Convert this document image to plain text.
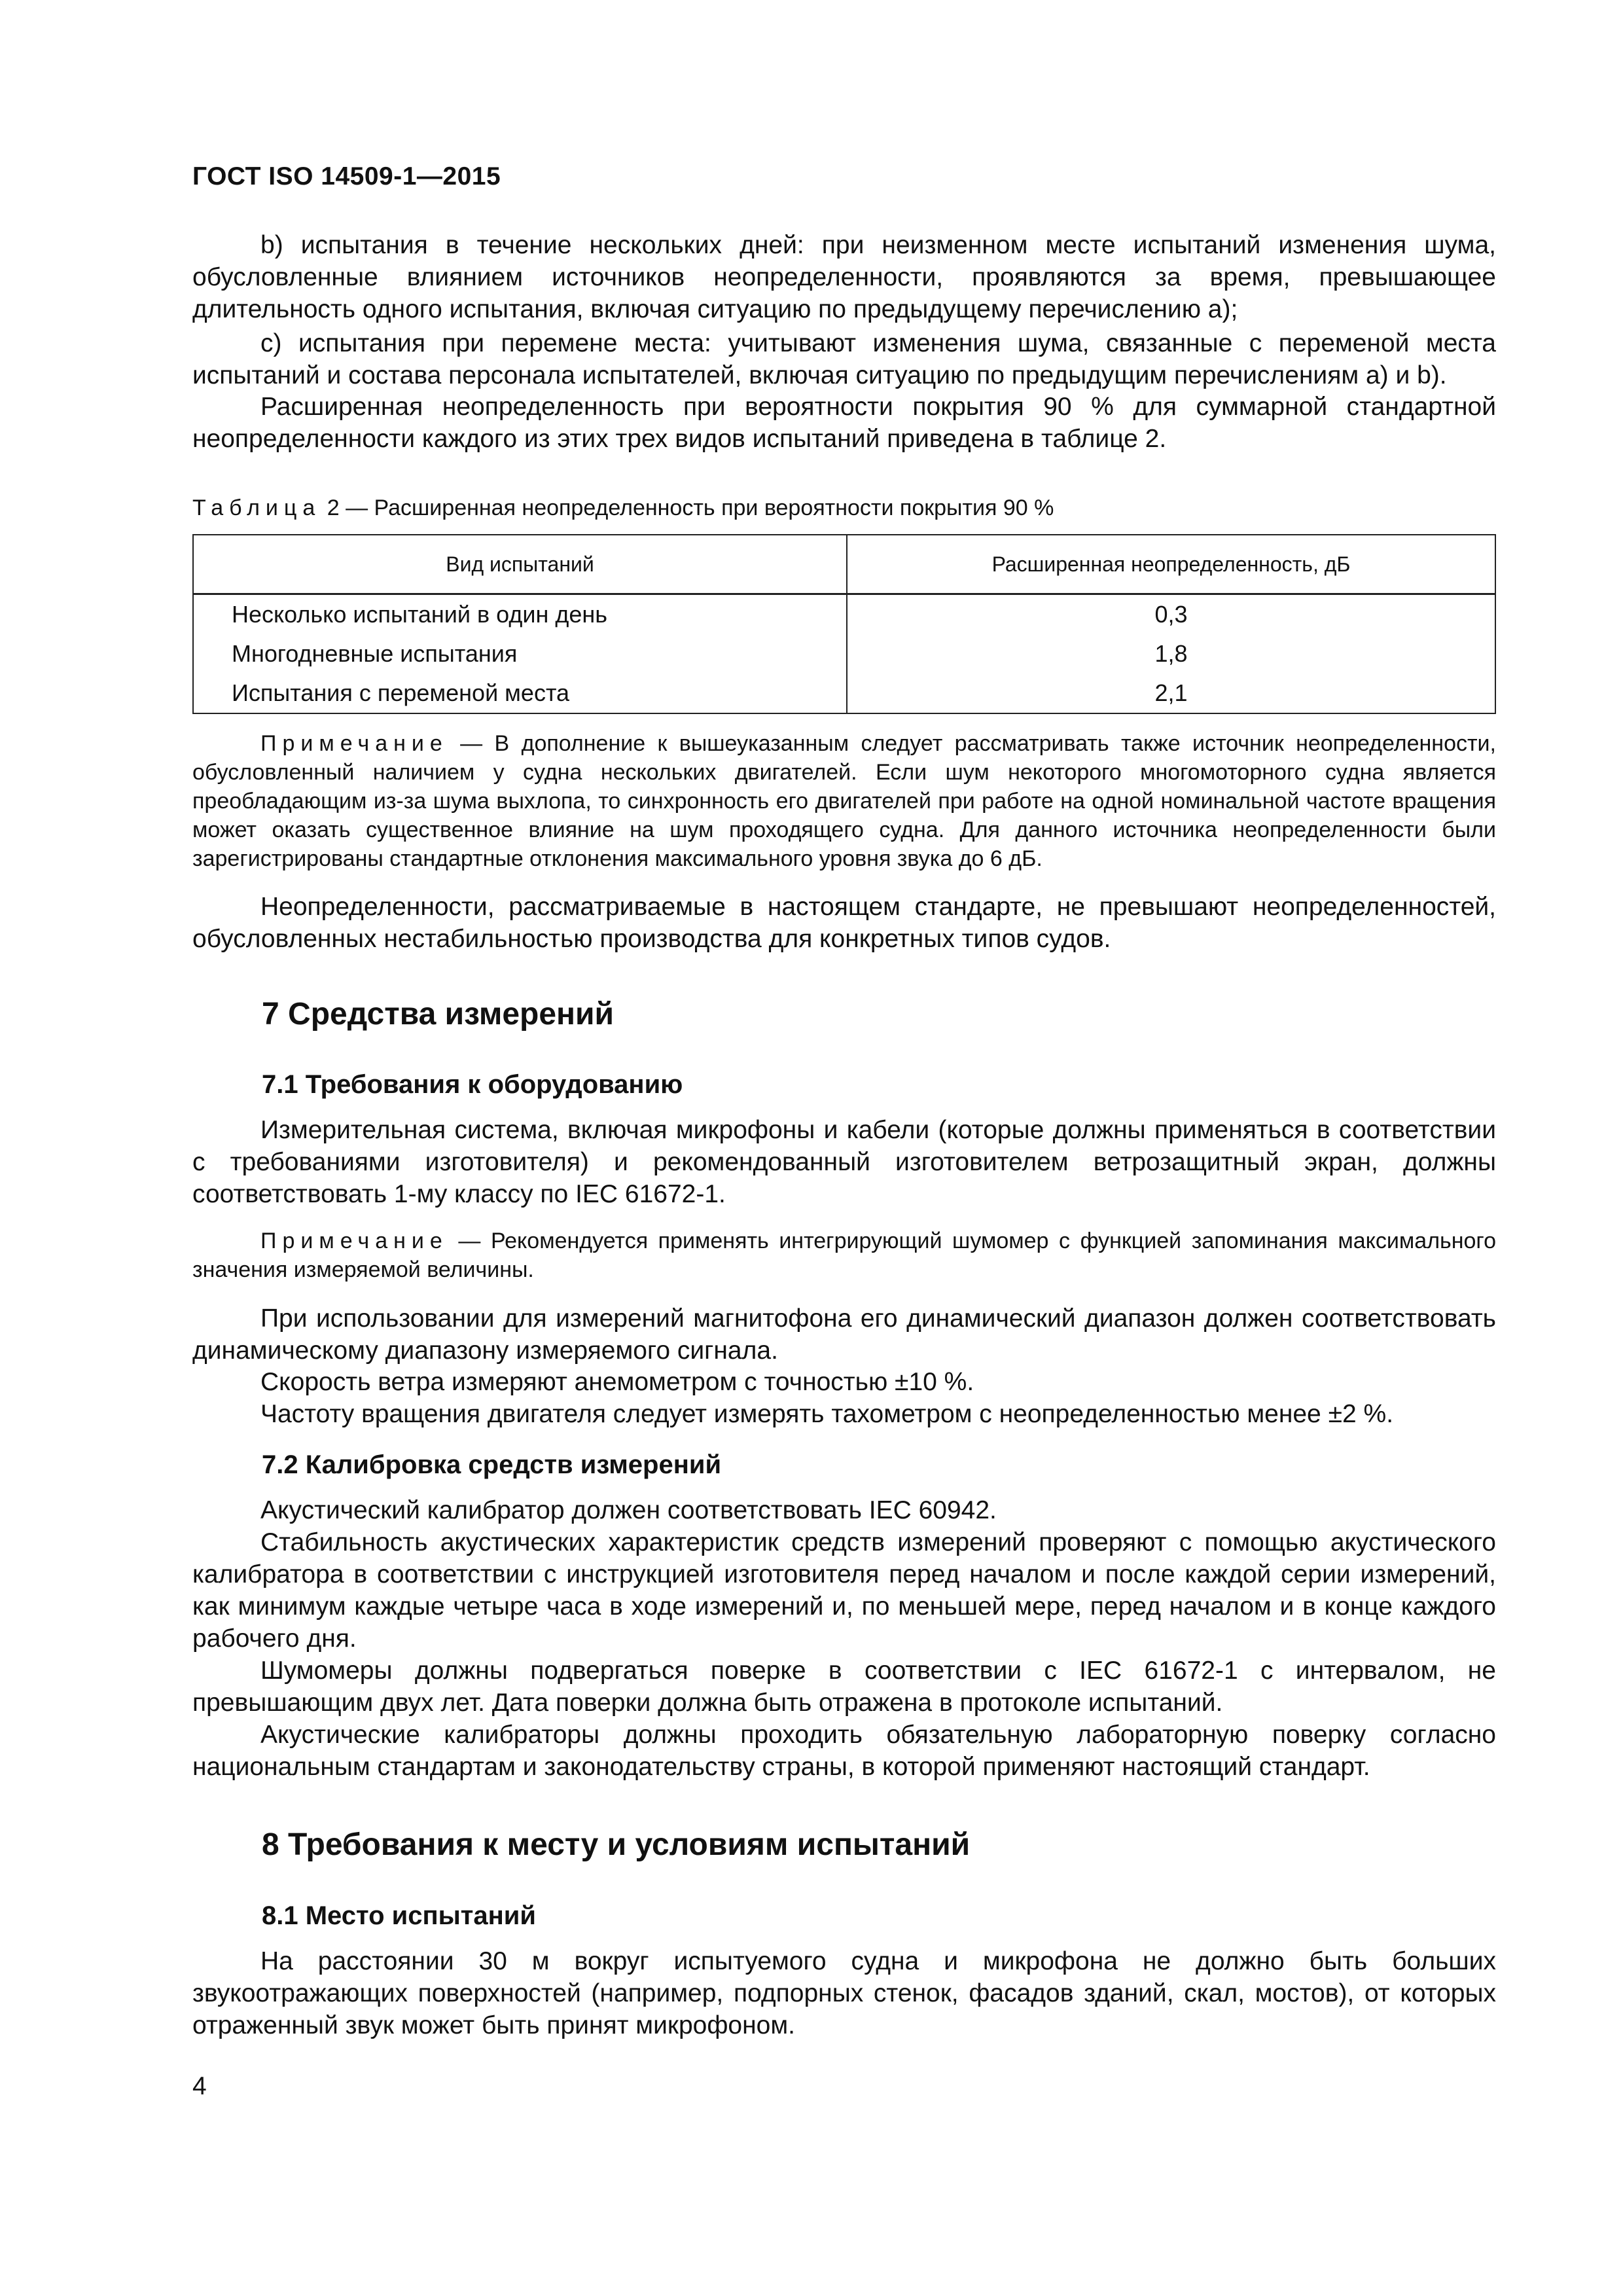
ГОСТ ISO 14509-1—2015

b) испытания в течение нескольких дней: при неизменном месте испытаний изменения шума, обусловленные влиянием источников неопределенности, проявляются за время, превышающее длительность одного испытания, включая ситуацию по предыдущему перечислению а);

c) испытания при перемене места: учитывают изменения шума, связанные с переменой места испытаний и состава персонала испытателей, включая ситуацию по предыдущим перечислениям а) и b).

Расширенная неопределенность при вероятности покрытия 90 % для суммарной стандартной неопределенности каждого из этих трех видов испытаний приведена в таблице 2.

Таблица 2 — Расширенная неопределенность при вероятности покрытия 90 %
Вид испытаний	Расширенная неопределенность, дБ
Несколько испытаний в один день	0,3
Многодневные испытания	1,8
Испытания с переменой места	2,1

Примечание — В дополнение к вышеуказанным следует рассматривать также источник неопределенности, обусловленный наличием у судна нескольких двигателей. Если шум некоторого многомоторного судна является преобладающим из-за шума выхлопа, то синхронность его двигателей при работе на одной номинальной частоте вращения может оказать существенное влияние на шум проходящего судна. Для данного источника неопределенности были зарегистрированы стандартные отклонения максимального уровня звука до 6 дБ.

Неопределенности, рассматриваемые в настоящем стандарте, не превышают неопределенностей, обусловленных нестабильностью производства для конкретных типов судов.

7 Средства измерений
7.1 Требования к оборудованию

Измерительная система, включая микрофоны и кабели (которые должны применяться в соответствии с требованиями изготовителя) и рекомендованный изготовителем ветрозащитный экран, должны соответствовать 1-му классу по IEC 61672-1.

Примечание — Рекомендуется применять интегрирующий шумомер с функцией запоминания максимального значения измеряемой величины.

При использовании для измерений магнитофона его динамический диапазон должен соответствовать динамическому диапазону измеряемого сигнала.

Скорость ветра измеряют анемометром с точностью ±10 %.

Частоту вращения двигателя следует измерять тахометром с неопределенностью менее ±2 %.

7.2 Калибровка средств измерений

Акустический калибратор должен соответствовать IEC 60942.

Стабильность акустических характеристик средств измерений проверяют с помощью акустического калибратора в соответствии с инструкцией изготовителя перед началом и после каждой серии измерений, как минимум каждые четыре часа в ходе измерений и, по меньшей мере, перед началом и в конце каждого рабочего дня.

Шумомеры должны подвергаться поверке в соответствии с IEC 61672-1 с интервалом, не превышающим двух лет. Дата поверки должна быть отражена в протоколе испытаний.

Акустические калибраторы должны проходить обязательную лабораторную поверку согласно национальным стандартам и законодательству страны, в которой применяют настоящий стандарт.

8 Требования к месту и условиям испытаний
8.1 Место испытаний

На расстоянии 30 м вокруг испытуемого судна и микрофона не должно быть больших звукоотражающих поверхностей (например, подпорных стенок, фасадов зданий, скал, мостов), от которых отраженный звук может быть принят микрофоном.

4
